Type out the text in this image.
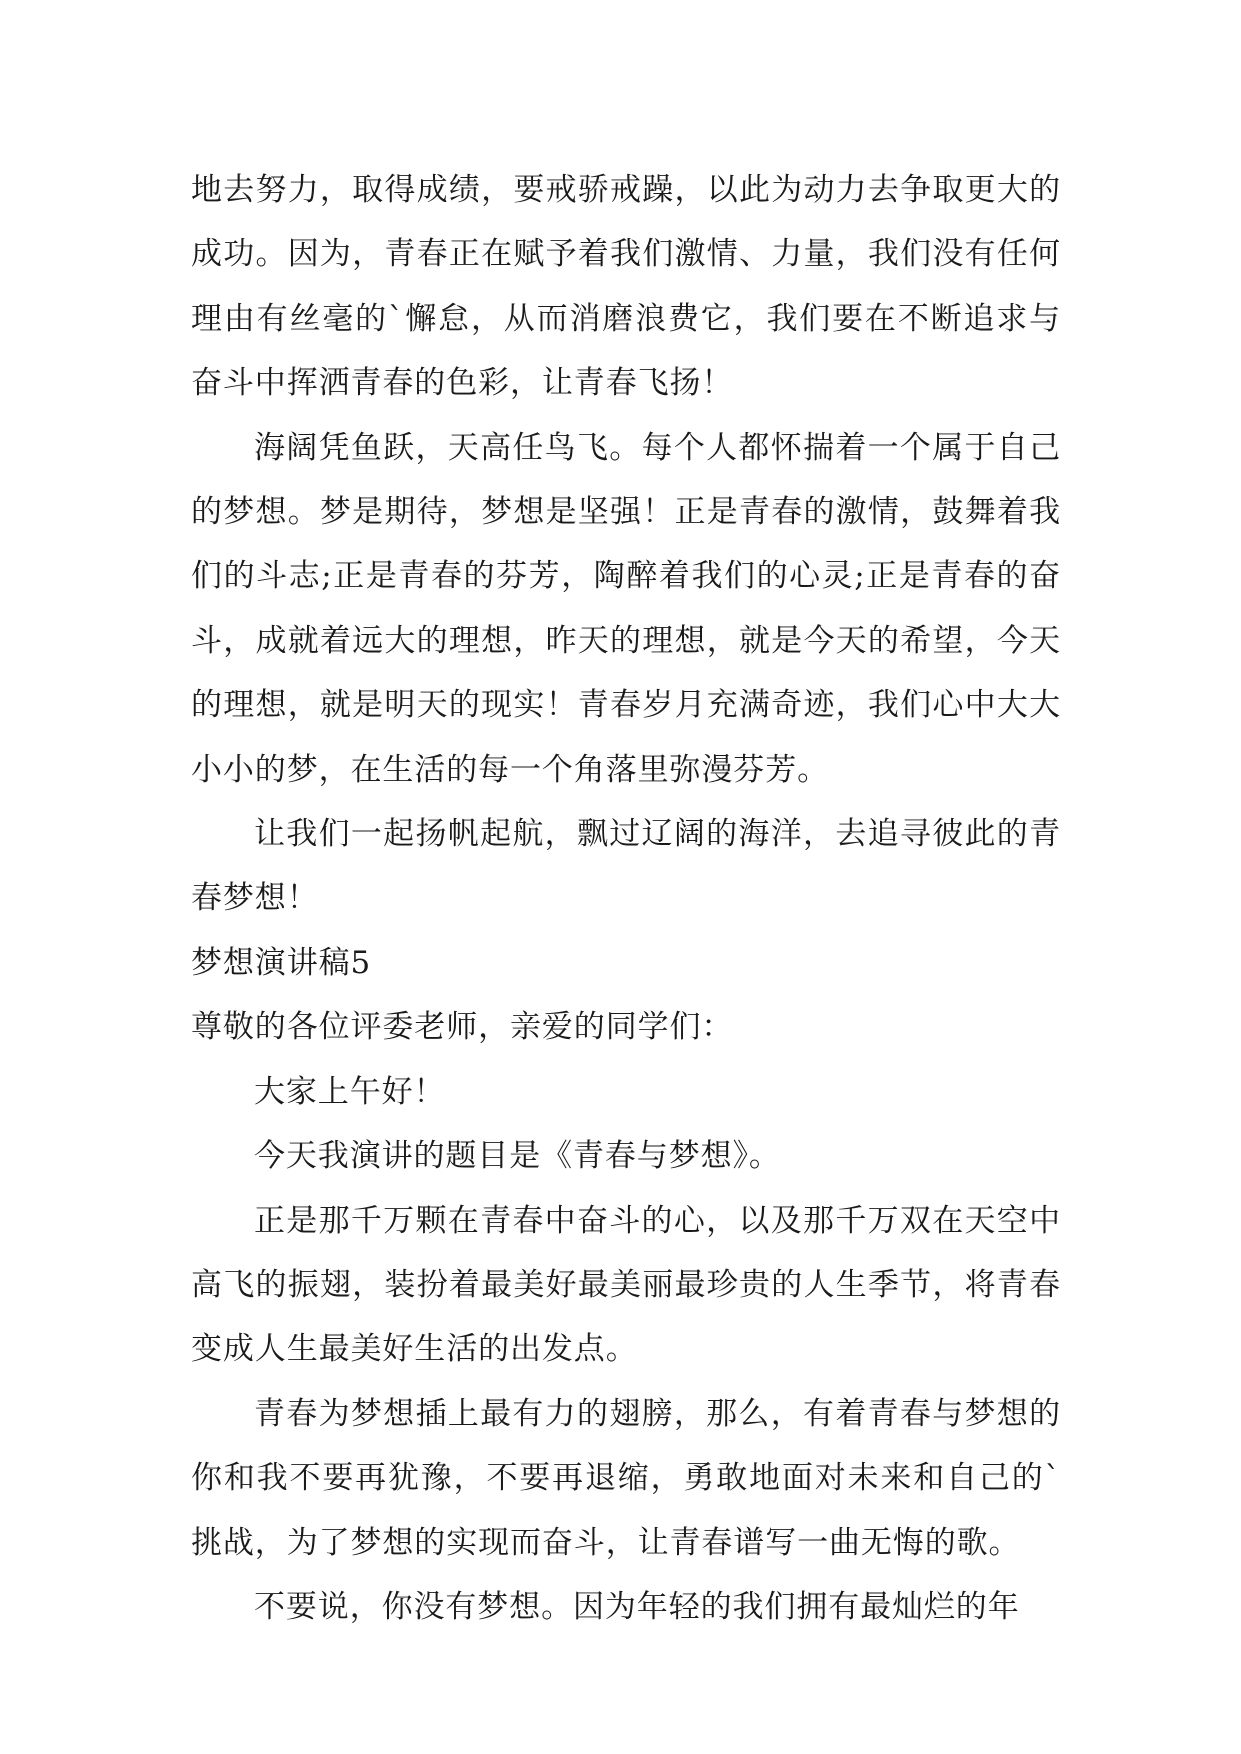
地去努力，取得成绩，要戒骄戒躁，以此为动力去争取更大的成功。因为，青春正在赋予着我们激情、力量，我们没有任何理由有丝毫的`懈怠，从而消磨浪费它，我们要在不断追求与奋斗中挥洒青春的色彩，让青春飞扬！

海阔凭鱼跃，天高任鸟飞。每个人都怀揣着一个属于自己的梦想。梦是期待，梦想是坚强！正是青春的激情，鼓舞着我们的斗志;正是青春的芬芳，陶醉着我们的心灵;正是青春的奋斗，成就着远大的理想，昨天的理想，就是今天的希望，今天的理想，就是明天的现实！青春岁月充满奇迹，我们心中大大小小的梦，在生活的每一个角落里弥漫芬芳。

让我们一起扬帆起航，飘过辽阔的海洋，去追寻彼此的青春梦想！

梦想演讲稿5

尊敬的各位评委老师，亲爱的同学们：

大家上午好！

今天我演讲的题目是《青春与梦想》。

正是那千万颗在青春中奋斗的心，以及那千万双在天空中高飞的振翅，装扮着最美好最美丽最珍贵的人生季节，将青春变成人生最美好生活的出发点。

青春为梦想插上最有力的翅膀，那么，有着青春与梦想的你和我不要再犹豫，不要再退缩，勇敢地面对未来和自己的`挑战，为了梦想的实现而奋斗，让青春谱写一曲无悔的歌。

不要说，你没有梦想。因为年轻的我们拥有最灿烂的年
